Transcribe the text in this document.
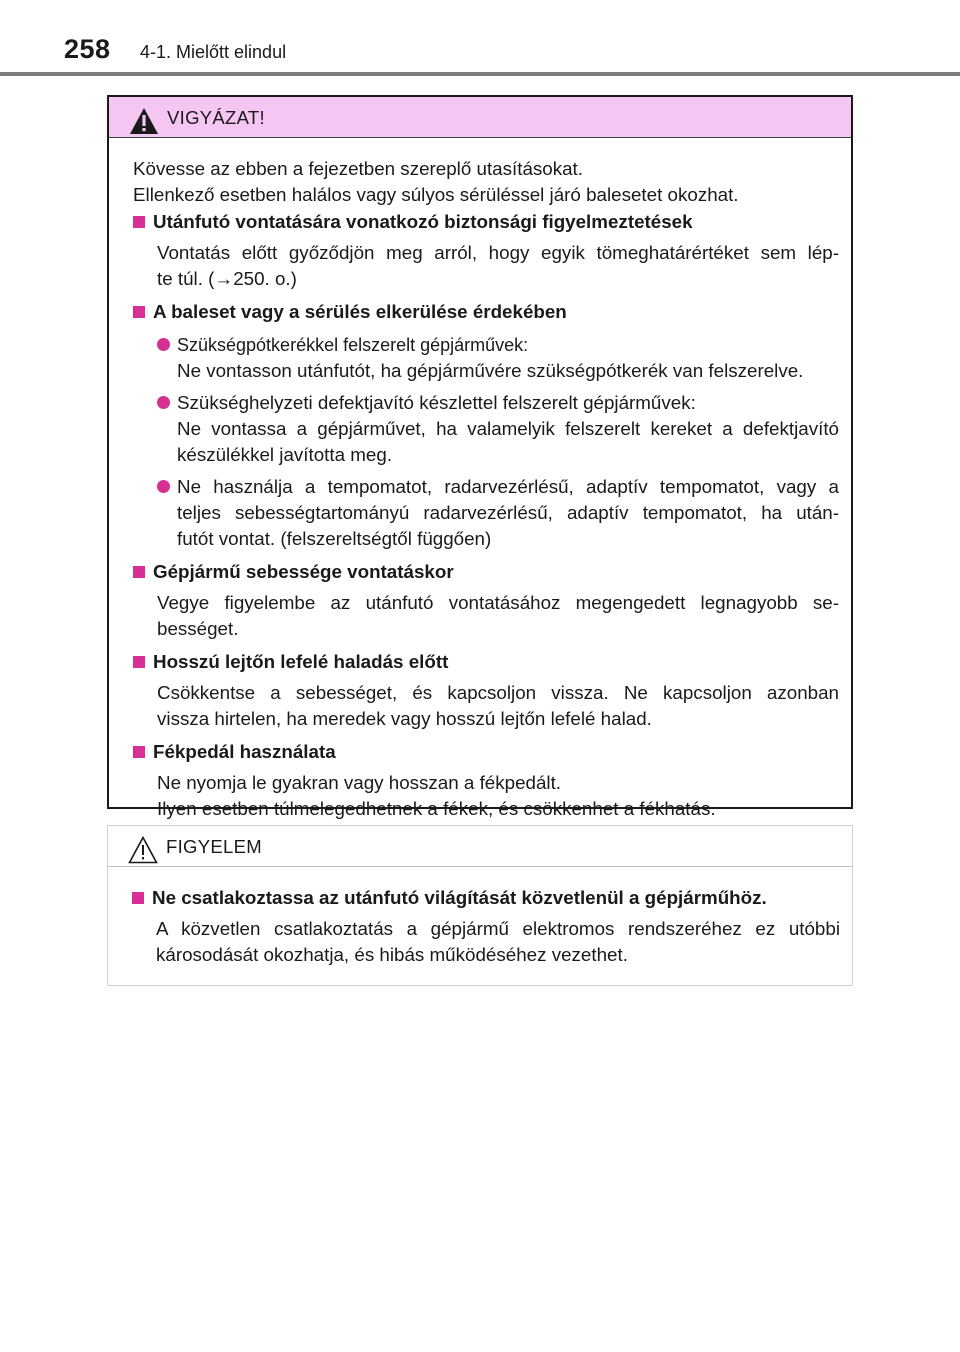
258 4-1. Mielőtt elindul
VIGYÁZAT!

Kövesse az ebben a fejezetben szereplő utasításokat.

Ellenkező esetben halálos vagy súlyos sérüléssel járó balesetet okozhat.

Utánfutó vontatására vonatkozó biztonsági figyelmeztetések
Vontatás előtt győződjön meg arról, hogy egyik tömeghatárértéket sem lép-
te túl. (→250. o.)
A baleset vagy a sérülés elkerülése érdekében
Szükségpótkerékkel felszerelt gépjárművek:
Ne vontasson utánfutót, ha gépjárművére szükségpótkerék van felszerelve.
Szükséghelyzeti defektjavító készlettel felszerelt gépjárművek:
Ne vontassa a gépjárművet, ha valamelyik felszerelt kereket a defektjavító
készülékkel javította meg.
Ne használja a tempomatot, radarvezérlésű, adaptív tempomatot, vagy a
teljes sebességtartományú radarvezérlésű, adaptív tempomatot, ha után-
futót vontat. (felszereltségtől függően)
Gépjármű sebessége vontatáskor
Vegye figyelembe az utánfutó vontatásához megengedett legnagyobb se-
bességet.
Hosszú lejtőn lefelé haladás előtt
Csökkentse a sebességet, és kapcsoljon vissza. Ne kapcsoljon azonban
vissza hirtelen, ha meredek vagy hosszú lejtőn lefelé halad.
Fékpedál használata
Ne nyomja le gyakran vagy hosszan a fékpedált.
Ilyen esetben túlmelegedhetnek a fékek, és csökkenhet a fékhatás.
FIGYELEM
Ne csatlakoztassa az utánfutó világítását közvetlenül a gépjárműhöz.
A közvetlen csatlakoztatás a gépjármű elektromos rendszeréhez ez utóbbi
károsodását okozhatja, és hibás működéséhez vezethet.
